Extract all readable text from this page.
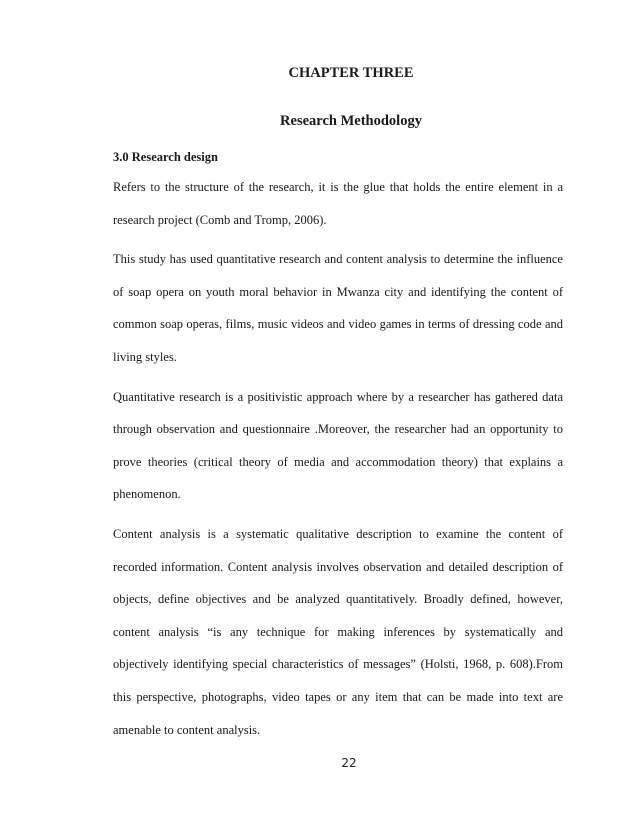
CHAPTER THREE
Research Methodology
3.0 Research design

Refers to the structure of the research, it is the glue that holds the entire element in a research project (Comb and Tromp, 2006).

This study has used quantitative research and content analysis to determine the influence of soap opera on youth moral behavior in Mwanza city and identifying the content of common soap operas, films, music videos and video games in terms of dressing code and living styles.

Quantitative research is a positivistic approach where by a researcher has gathered data through observation and questionnaire .Moreover, the researcher had an opportunity to prove theories (critical theory of media and accommodation theory) that explains a phenomenon.

Content analysis is a systematic qualitative description to examine the content of recorded information. Content analysis involves observation and detailed description of objects, define objectives and be analyzed quantitatively. Broadly defined, however, content analysis “is any technique for making inferences by systematically and objectively identifying special characteristics of messages” (Holsti, 1968, p. 608).From this perspective, photographs, video tapes or any item that can be made into text are amenable to content analysis.

22
